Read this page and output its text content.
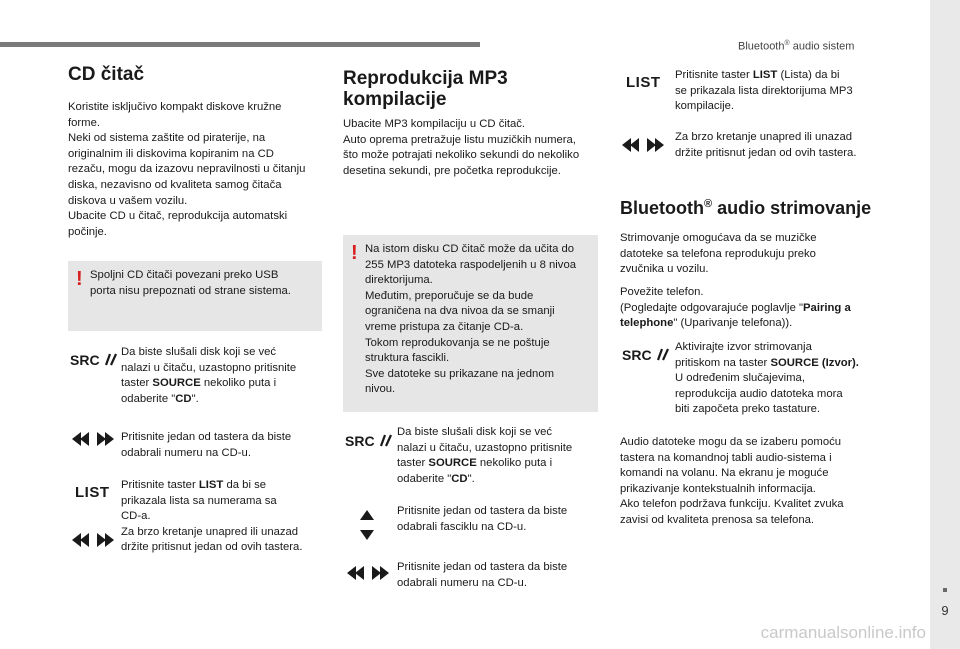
Bluetooth® audio sistem
9
carmanualsonline.info
CD čitač

Koristite isključivo kompakt diskove kružne
forme.
Neki od sistema zaštite od piraterije, na
originalnim ili diskovima kopiranim na CD
rezaču, mogu da izazovu nepravilnosti u čitanju
diska, nezavisno od kvaliteta samog čitača
diskova u vašem vozilu.
Ubacite CD u čitač, reprodukcija automatski
počinje.

! Spoljni CD čitači povezani preko USB
porta nisu prepoznati od strane sistema.
SRC	Da biste slušali disk koji se već
nalazi u čitaču, uzastopno pritisnite
taster SOURCE nekoliko puta i
odaberite "CD".

Pritisnite jedan od tastera da biste
odabrali numeru na CD-u.

LIST Pritisnite taster LIST da bi se
prikazala lista sa numerama sa
CD-a.
Za brzo kretanje unapred ili unazad
držite pritisnut jedan od ovih tastera.

Reprodukcija MP3
kompilacije

Ubacite MP3 kompilaciju u CD čitač.
Auto oprema pretražuje listu muzičkih numera,
što može potrajati nekoliko sekundi do nekoliko
desetina sekundi, pre početka reprodukcije.

! Na istom disku CD čitač može da učita do
255 MP3 datoteka raspodeljenih u 8 nivoa
direktorijuma.
Međutim, preporučuje se da bude
ograničena na dva nivoa da se smanji
vreme pristupa za čitanje CD-a.
Tokom reprodukovanja se ne poštuje
struktura fascikli.
Sve datoteke su prikazane na jednom
nivou.
SRC

Da biste slušali disk koji se već
nalazi u čitaču, uzastopno pritisnite
taster SOURCE nekoliko puta i
odaberite "CD".

Pritisnite jedan od tastera da biste
odabrali fasciklu na CD-u.

Pritisnite jedan od tastera da biste
odabrali numeru na CD-u.

LIST Pritisnite taster LIST (Lista) da bi
se prikazala lista direktorijuma MP3
kompilacije.

Za brzo kretanje unapred ili unazad
držite pritisnut jedan od ovih tastera.

Bluetooth® audio strimovanje

Strimovanje omogućava da se muzičke
datoteke sa telefona reprodukuju preko
zvučnika u vozilu.

Povežite telefon.
(Pogledajte odgovarajuće poglavlje "Pairing a
telephone" (Uparivanje telefona)).

SRC	Aktivirajte izvor strimovanja
pritiskom na taster SOURCE (Izvor).
U određenim slučajevima,
reprodukcija audio datoteka mora
biti započeta preko tastature.

Audio datoteke mogu da se izaberu pomoću
tastera na komandnoj tabli audio-sistema i
komandi na volanu. Na ekranu je moguće
prikazivanje kontekstualnih informacija.
Ako telefon podržava funkciju. Kvalitet zvuka
zavisi od kvaliteta prenosa sa telefona.
